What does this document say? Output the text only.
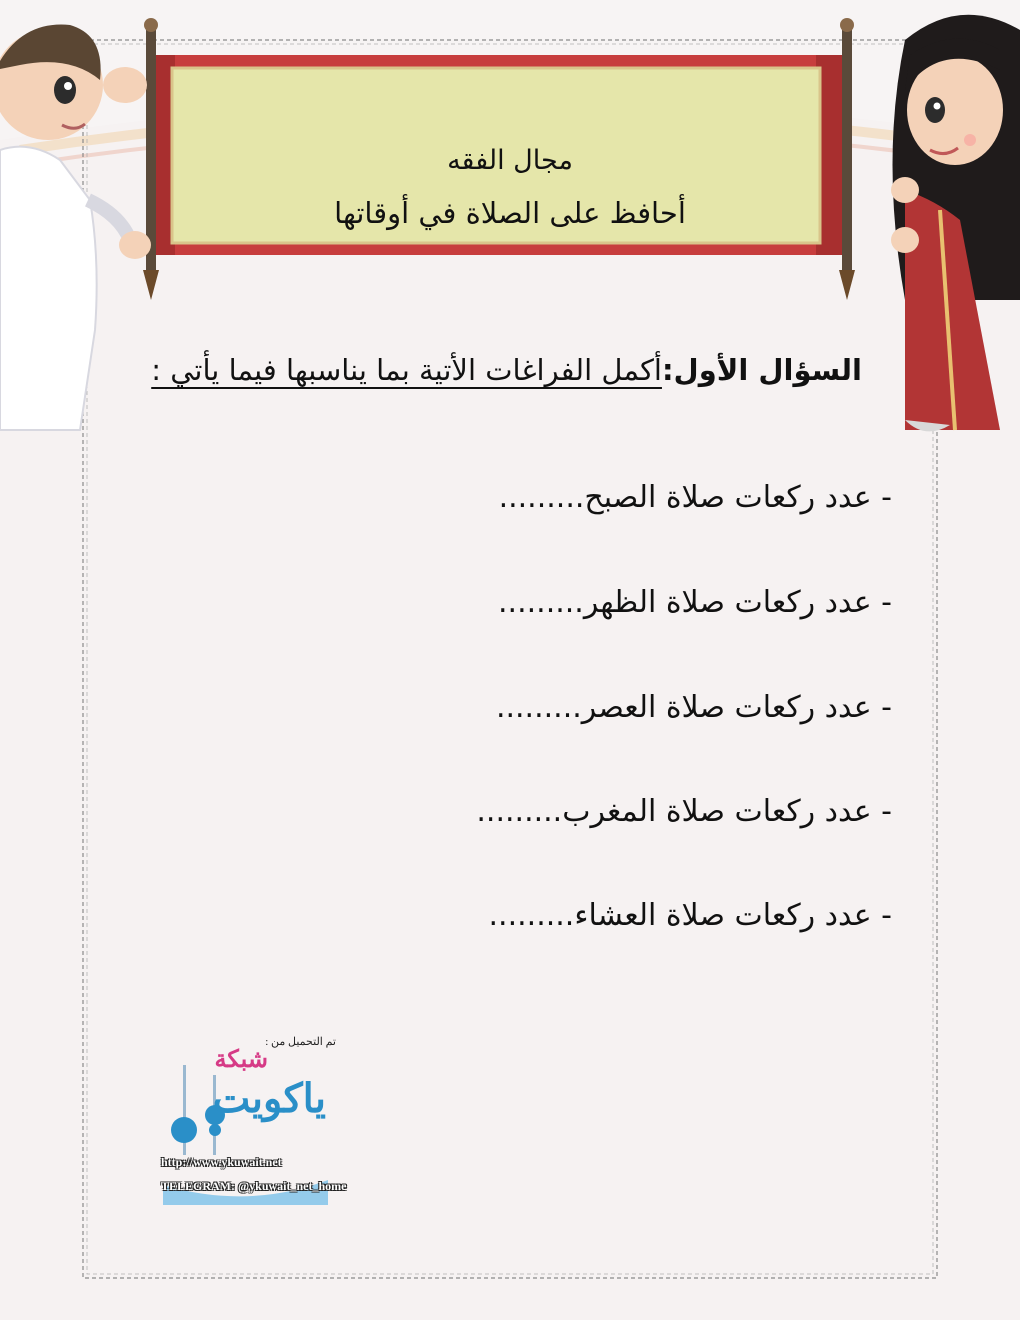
مجال الفقه
أحافظ على الصلاة في أوقاتها
السؤال الأول:أكمل الفراغات الأتية بما يناسبها فيما يأتي :
- عدد ركعات صلاة الصبح.........
- عدد ركعات صلاة الظهر.........
- عدد ركعات صلاة العصر.........
- عدد ركعات صلاة المغرب.........
- عدد ركعات صلاة العشاء.........
تم التحميل من :
شبكة
ياكويت
http://www.ykuwait.net
TELEGRAM: @ykuwait_net_home
